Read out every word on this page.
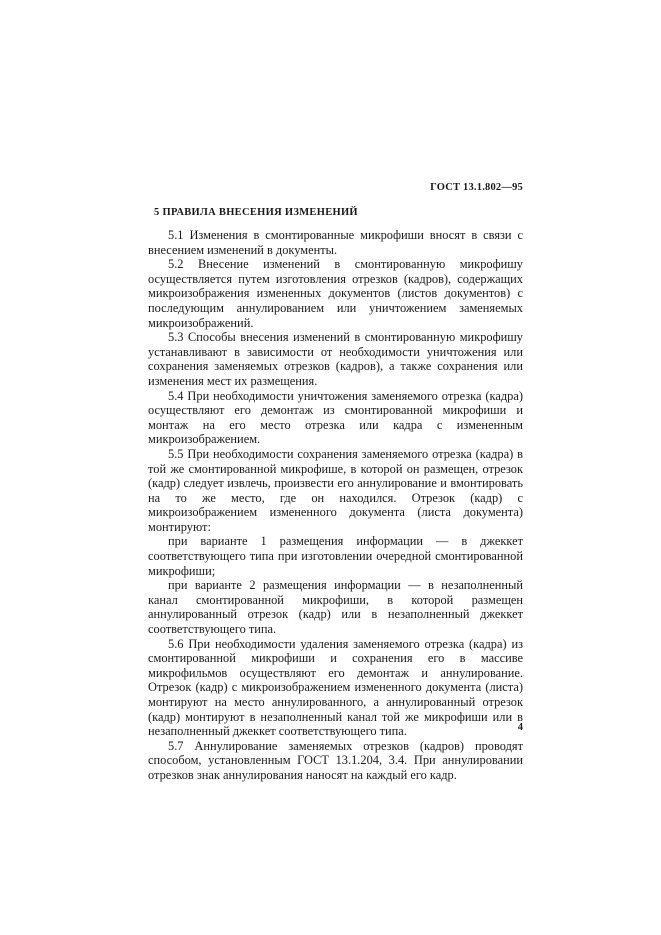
ГОСТ 13.1.802—95
5 ПРАВИЛА ВНЕСЕНИЯ ИЗМЕНЕНИЙ

5.1 Изменения в смонтированные микрофиши вносят в связи с внесением изменений в документы.

5.2 Внесение изменений в смонтированную микрофишу осуществляется путем изготовления отрезков (кадров), содержащих микроизображения измененных документов (листов документов) с последующим аннулированием или уничтожением заменяемых микроизображений.

5.3 Способы внесения изменений в смонтированную микрофишу устанавливают в зависимости от необходимости уничтожения или сохранения заменяемых отрезков (кадров), а также сохранения или изменения мест их размещения.

5.4 При необходимости уничтожения заменяемого отрезка (кадра) осуществляют его демонтаж из смонтированной микрофиши и монтаж на его место отрезка или кадра с измененным микроизображением.

5.5 При необходимости сохранения заменяемого отрезка (кадра) в той же смонтированной микрофише, в которой он размещен, отрезок (кадр) следует извлечь, произвести его аннулирование и вмонтировать на то же место, где он находился. Отрезок (кадр) с микроизображением измененного документа (листа документа) монтируют:

при варианте 1 размещения информации — в джеккет соответствующего типа при изготовлении очередной смонтированной микрофиши;

при варианте 2 размещения информации — в незаполненный канал смонтированной микрофиши, в которой размещен аннулированный отрезок (кадр) или в незаполненный джеккет соответствующего типа.

5.6 При необходимости удаления заменяемого отрезка (кадра) из смонтированной микрофиши и сохранения его в массиве микрофильмов осуществляют его демонтаж и аннулирование. Отрезок (кадр) с микроизображением измененного документа (листа) монтируют на место аннулированного, а аннулированный отрезок (кадр) монтируют в незаполненный канал той же микрофиши или в незаполненный джеккет соответствующего типа.

5.7 Аннулирование заменяемых отрезков (кадров) проводят способом, установленным ГОСТ 13.1.204, 3.4. При аннулировании отрезков знак аннулирования наносят на каждый его кадр.

4
